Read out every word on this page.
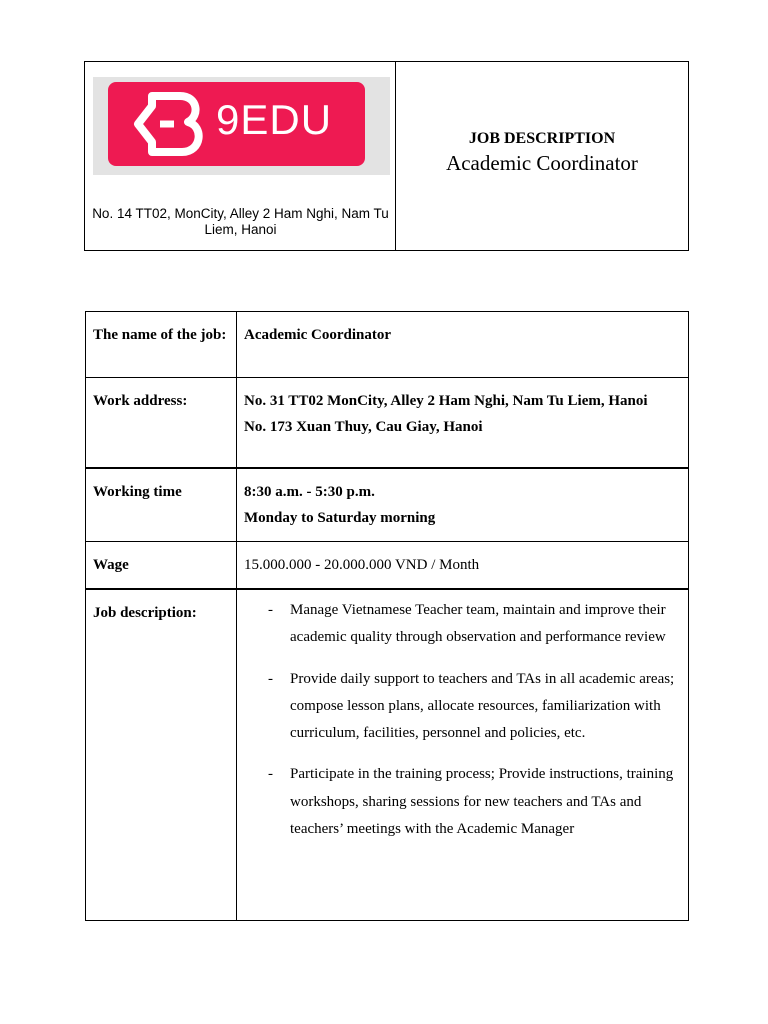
9EDU
No. 14 TT02, MonCity, Alley 2 Ham Nghi, Nam Tu Liem, Hanoi
JOB DESCRIPTION
Academic Coordinator
The name of the job:	Academic Coordinator
Work address:	No. 31 TT02 MonCity, Alley 2 Ham Nghi, Nam Tu Liem, Hanoi
No. 173 Xuan Thuy, Cau Giay, Hanoi
Working time	8:30 a.m. - 5:30 p.m.
Monday to Saturday morning
Wage	15.000.000 - 20.000.000 VND / Month
Job description:	- Manage Vietnamese Teacher team, maintain and improve their academic quality through observation and performance review
- Provide daily support to teachers and TAs in all academic areas; compose lesson plans, allocate resources, familiarization with curriculum, facilities, personnel and policies, etc.
- Participate in the training process; Provide instructions, training workshops, sharing sessions for new teachers and TAs and teachers’ meetings with the Academic Manager
